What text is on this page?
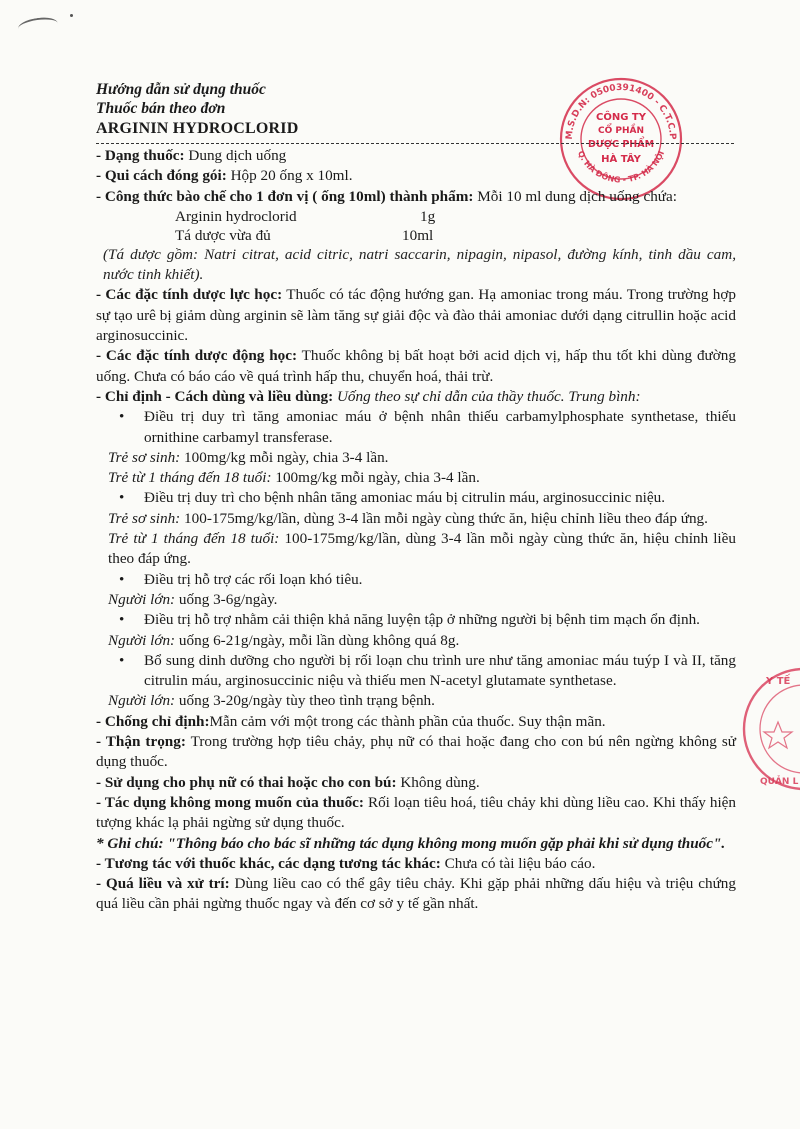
M.S.D.N: 0500391400 - C.T.C.P
Q. HÀ ĐÔNG - TP. HÀ NỘI
CÔNG TY
CỔ PHẦN
DƯỢC PHẨM
HÀ TÂY
Y TẾ
QUẢN L
Hướng dẫn sử dụng thuốc
Thuốc bán theo đơn
ARGININ HYDROCLORID

- Dạng thuốc: Dung dịch uống

- Qui cách đóng gói: Hộp 20 ống x 10ml.

- Công thức bào chế cho 1 đơn vị ( ống 10ml) thành phẩm: Mỗi 10 ml dung dịch uống chứa:

Arginin hydroclorid	1g
Tá dược vừa đủ	10ml

(Tá dược gồm: Natri citrat, acid citric, natri saccarin, nipagin, nipasol, đường kính, tinh dầu cam, nước tinh khiết).

- Các đặc tính dược lực học: Thuốc có tác động hướng gan. Hạ amoniac trong máu. Trong trường hợp sự tạo urê bị giảm dùng arginin sẽ làm tăng sự giải độc và đào thải amoniac dưới dạng citrullin hoặc acid arginosuccinic.

- Các đặc tính dược động học: Thuốc không bị bất hoạt bởi acid dịch vị, hấp thu tốt khi dùng đường uống. Chưa có báo cáo về quá trình hấp thu, chuyển hoá, thải trừ.

- Chỉ định - Cách dùng và liều dùng: Uống theo sự chỉ dẫn của thầy thuốc. Trung bình:

• Điều trị duy trì tăng amoniac máu ở bệnh nhân thiếu carbamylphosphate synthetase, thiếu ornithine carbamyl transferase.

Trẻ sơ sinh: 100mg/kg mỗi ngày, chia 3-4 lần.

Trẻ từ 1 tháng đến 18 tuổi: 100mg/kg mỗi ngày, chia 3-4 lần.

• Điều trị duy trì cho bệnh nhân tăng amoniac máu bị citrulin máu, arginosuccinic niệu.

Trẻ sơ sinh: 100-175mg/kg/lần, dùng 3-4 lần mỗi ngày cùng thức ăn, hiệu chỉnh liều theo đáp ứng.

Trẻ từ 1 tháng đến 18 tuổi: 100-175mg/kg/lần, dùng 3-4 lần mỗi ngày cùng thức ăn, hiệu chỉnh liều theo đáp ứng.

• Điều trị hỗ trợ các rối loạn khó tiêu.

Người lớn: uống 3-6g/ngày.

• Điều trị hỗ trợ nhằm cải thiện khả năng luyện tập ở những người bị bệnh tim mạch ổn định.

Người lớn: uống 6-21g/ngày, mỗi lần dùng không quá 8g.

• Bổ sung dinh dưỡng cho người bị rối loạn chu trình ure như tăng amoniac máu tuýp I và II, tăng citrulin máu, arginosuccinic niệu và thiếu men N-acetyl glutamate synthetase.

Người lớn: uống 3-20g/ngày tùy theo tình trạng bệnh.

- Chống chỉ định:Mẫn cảm với một trong các thành phần của thuốc. Suy thận mãn.

- Thận trọng: Trong trường hợp tiêu chảy, phụ nữ có thai hoặc đang cho con bú nên ngừng không sử dụng thuốc.

- Sử dụng cho phụ nữ có thai hoặc cho con bú: Không dùng.

- Tác dụng không mong muốn của thuốc: Rối loạn tiêu hoá, tiêu chảy khi dùng liều cao. Khi thấy hiện tượng khác lạ phải ngừng sử dụng thuốc.

* Ghi chú: "Thông báo cho bác sĩ những tác dụng không mong muốn gặp phải khi sử dụng thuốc".

- Tương tác với thuốc khác, các dạng tương tác khác: Chưa có tài liệu báo cáo.

- Quá liều và xử trí: Dùng liều cao có thể gây tiêu chảy. Khi gặp phải những dấu hiệu và triệu chứng quá liều cần phải ngừng thuốc ngay và đến cơ sở y tế gần nhất.
